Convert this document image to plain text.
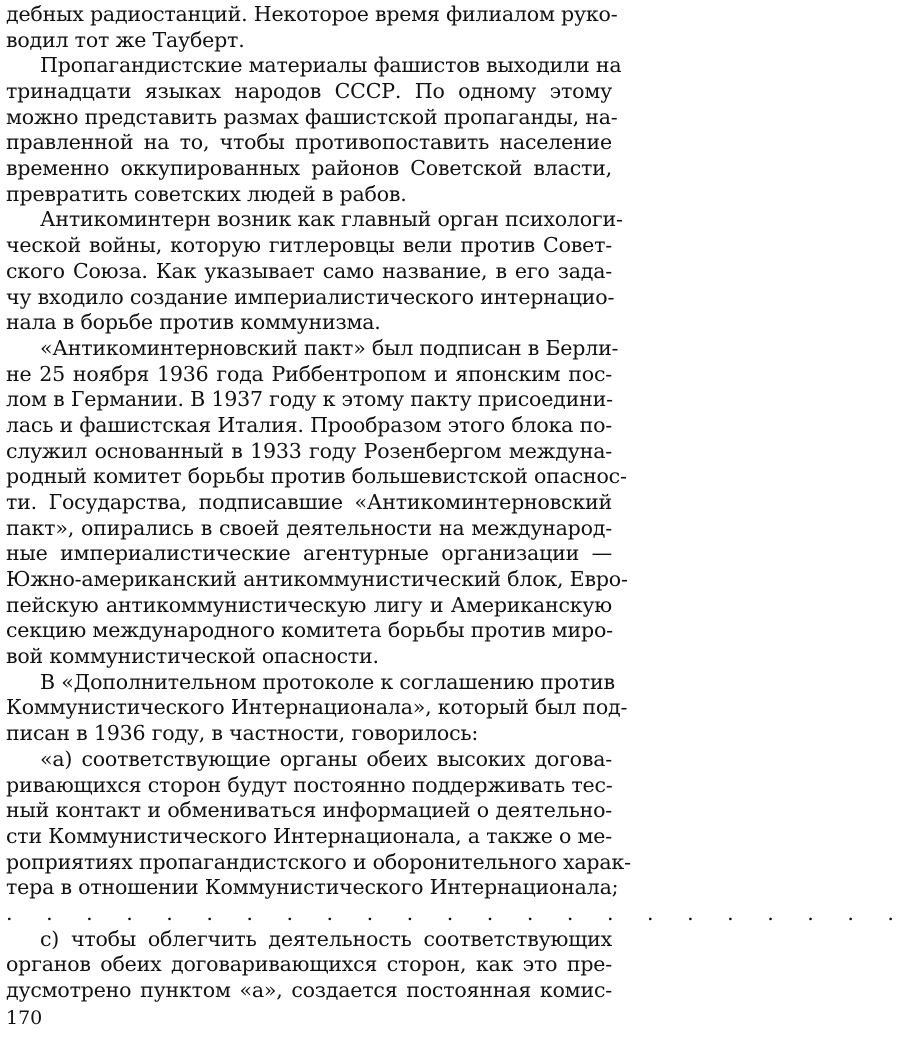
дебных радиостанций. Некоторое время филиалом руко-
водил тот же Тауберт.
Пропагандистские материалы фашистов выходили на
тринадцати языках народов СССР. По одному этому
можно представить размах фашистской пропаганды, на-
правленной на то, чтобы противопоставить население
временно оккупированных районов Советской власти,
превратить советских людей в рабов.
Антикоминтерн возник как главный орган психологи-
ческой войны, которую гитлеровцы вели против Совет-
ского Союза. Как указывает само название, в его зада-
чу входило создание империалистического интернацио-
нала в борьбе против коммунизма.
«Антикоминтерновский пакт» был подписан в Берли-
не 25 ноября 1936 года Риббентропом и японским пос-
лом в Германии. В 1937 году к этому пакту присоедини-
лась и фашистская Италия. Прообразом этого блока по-
служил основанный в 1933 году Розенбергом междуна-
родный комитет борьбы против большевистской опаснос-
ти. Государства, подписавшие «Антикоминтерновский
пакт», опирались в своей деятельности на международ-
ные империалистические агентурные организации —
Южно-американский антикоммунистический блок, Евро-
пейскую антикоммунистическую лигу и Американскую
секцию международного комитета борьбы против миро-
вой коммунистической опасности.
В «Дополнительном протоколе к соглашению против
Коммунистического Интернационала», который был под-
писан в 1936 году, в частности, говорилось:
«а) соответствующие органы обеих высоких догова-
ривающихся сторон будут постоянно поддерживать тес-
ный контакт и обмениваться информацией о деятельно-
сти Коммунистического Интернационала, а также о ме-
роприятиях пропагандистского и оборонительного харак-
тера в отношении Коммунистического Интернационала;
. . . . . . . . . . . . . . . . . . . . . . .
с) чтобы облегчить деятельность соответствующих
органов обеих договаривающихся сторон, как это пре-
дусмотрено пунктом «а», создается постоянная комис-
170
